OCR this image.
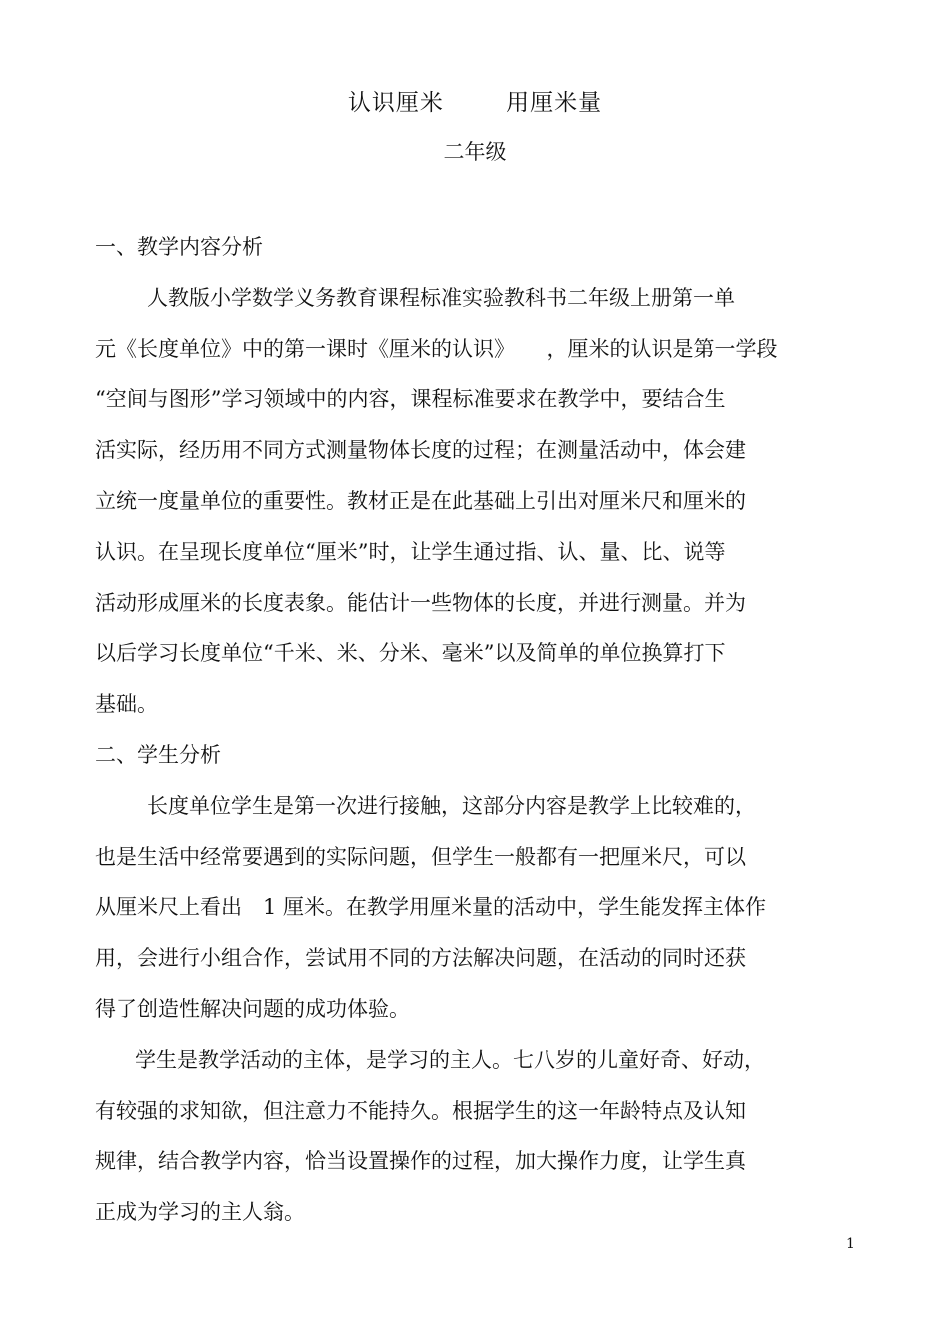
认识厘米　 用厘米量
二年级
一、教学内容分析
人教版小学数学义务教育课程标准实验教科书二年级上册第一单
元《长度单位》中的第一课时《厘米的认识》　　，厘米的认识是第一学段
“空间与图形”学习领域中的内容，课程标准要求在教学中，要结合生
活实际，经历用不同方式测量物体长度的过程；在测量活动中，体会建
立统一度量单位的重要性。教材正是在此基础上引出对厘米尺和厘米的
认识。在呈现长度单位“厘米”时，让学生通过指、认、量、比、说等
活动形成厘米的长度表象。能估计一些物体的长度，并进行测量。并为
以后学习长度单位“千米、米、分米、毫米”以及简单的单位换算打下
基础。
二、学生分析
长度单位学生是第一次进行接触，这部分内容是教学上比较难的，
也是生活中经常要遇到的实际问题，但学生一般都有一把厘米尺，可以
从厘米尺上看出　1 厘米。在教学用厘米量的活动中，学生能发挥主体作
用，会进行小组合作，尝试用不同的方法解决问题，在活动的同时还获
得了创造性解决问题的成功体验。
学生是教学活动的主体，是学习的主人。七八岁的儿童好奇、好动，
有较强的求知欲，但注意力不能持久。根据学生的这一年龄特点及认知
规律，结合教学内容，恰当设置操作的过程，加大操作力度，让学生真
正成为学习的主人翁。
1
